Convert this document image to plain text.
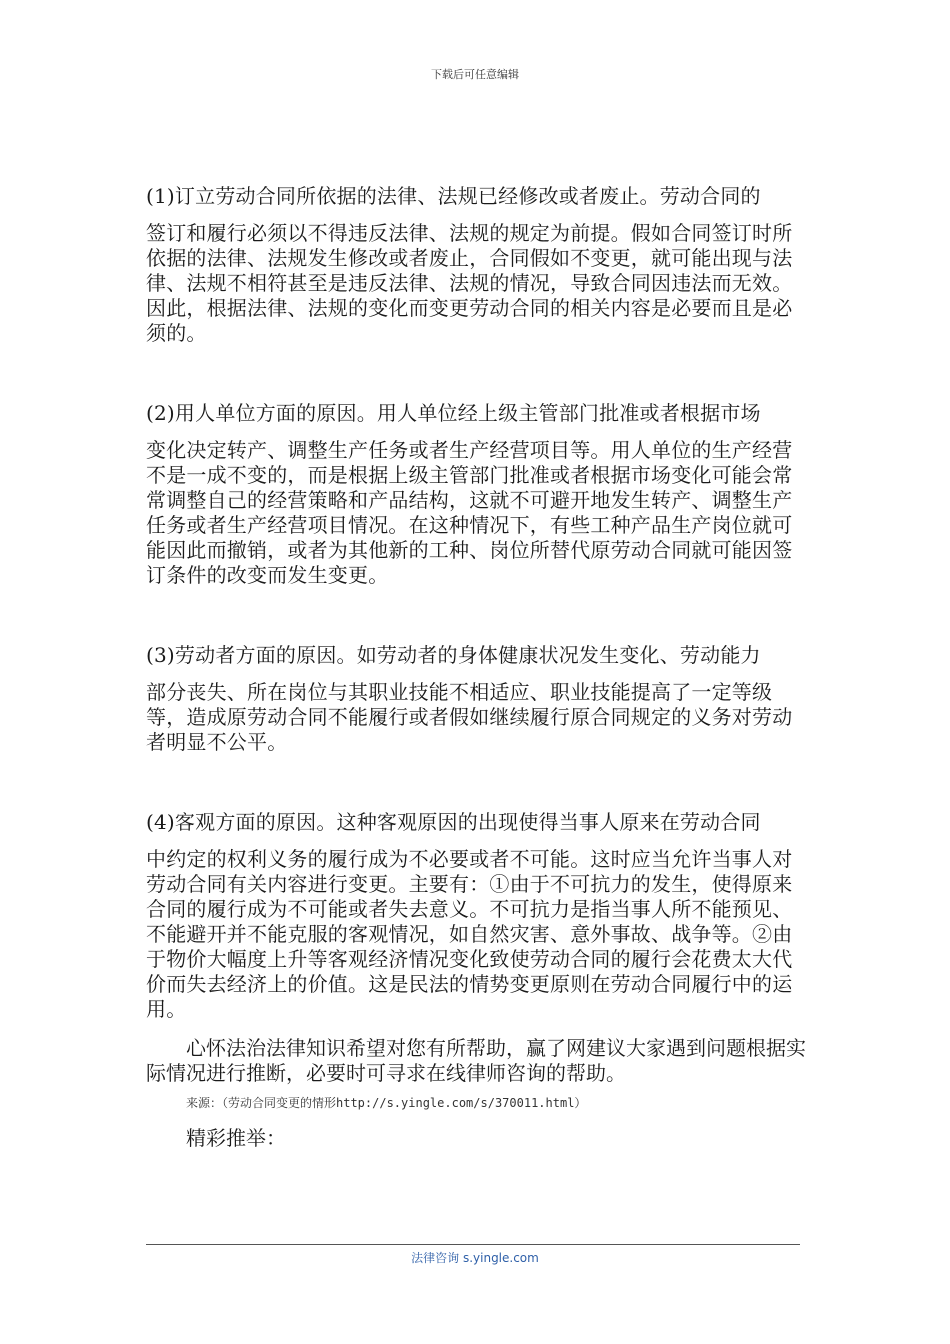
下载后可任意编辑

(1)订立劳动合同所依据的法律、法规已经修改或者废止。劳动合同的
签订和履行必须以不得违反法律、法规的规定为前提。假如合同签订时所依据的法律、法规发生修改或者废止，合同假如不变更，就可能出现与法律、法规不相符甚至是违反法律、法规的情况，导致合同因违法而无效。因此，根据法律、法规的变化而变更劳动合同的相关内容是必要而且是必须的。

(2)用人单位方面的原因。用人单位经上级主管部门批准或者根据市场
变化决定转产、调整生产任务或者生产经营项目等。用人单位的生产经营不是一成不变的，而是根据上级主管部门批准或者根据市场变化可能会常常调整自己的经营策略和产品结构，这就不可避开地发生转产、调整生产任务或者生产经营项目情况。在这种情况下，有些工种产品生产岗位就可能因此而撤销，或者为其他新的工种、岗位所替代原劳动合同就可能因签订条件的改变而发生变更。

(3)劳动者方面的原因。如劳动者的身体健康状况发生变化、劳动能力
部分丧失、所在岗位与其职业技能不相适应、职业技能提高了一定等级等，造成原劳动合同不能履行或者假如继续履行原合同规定的义务对劳动者明显不公平。

(4)客观方面的原因。这种客观原因的出现使得当事人原来在劳动合同
中约定的权利义务的履行成为不必要或者不可能。这时应当允许当事人对劳动合同有关内容进行变更。主要有：①由于不可抗力的发生，使得原来合同的履行成为不可能或者失去意义。不可抗力是指当事人所不能预见、不能避开并不能克服的客观情况，如自然灾害、意外事故、战争等。②由于物价大幅度上升等客观经济情况变化致使劳动合同的履行会花费太大代价而失去经济上的价值。这是民法的情势变更原则在劳动合同履行中的运用。

心怀法治法律知识希望对您有所帮助，赢了网建议大家遇到问题根据实际情况进行推断，必要时可寻求在线律师咨询的帮助。

来源：（劳动合同变更的情形http://s.yingle.com/s/370011.html）

精彩推举：

法律咨询 s.yingle.com
